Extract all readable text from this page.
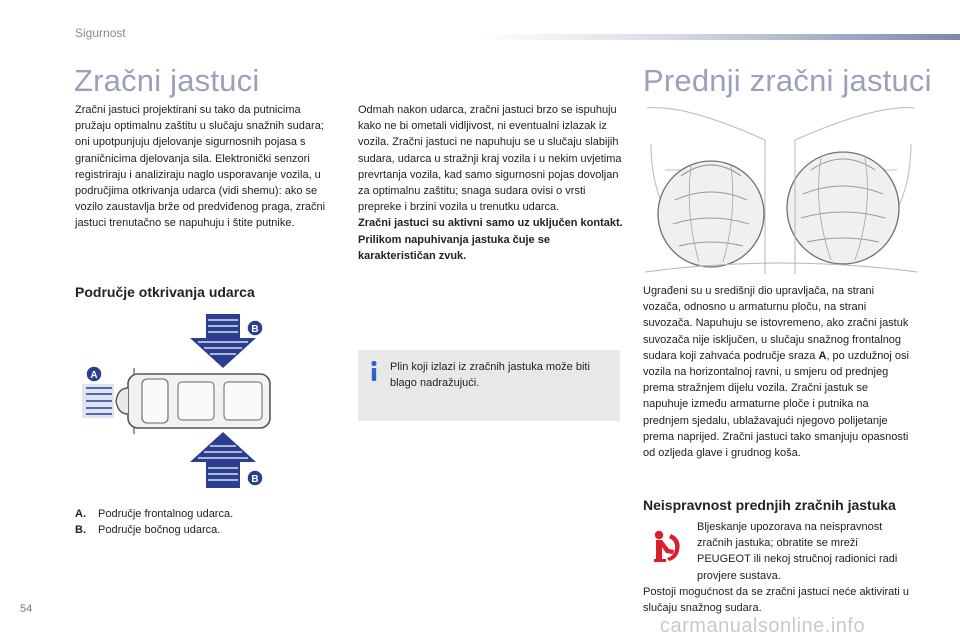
Sigurnost
Zračni jastuci

Zračni jastuci projektirani su tako da putnicima pružaju optimalnu zaštitu u slučaju snažnih sudara; oni upotpunjuju djelovanje sigurnosnih pojasa s graničnicima djelovanja sila. Elektronički senzori registriraju i analiziraju naglo usporavanje vozila, u područjima otkrivanja udarca (vidi shemu): ako se vozilo zaustavlja brže od predviđenog praga, zračni jastuci trenutačno se napuhuju i štite putnike.

Područje otkrivanja udarca
A
B
B
A. Područje frontalnog udarca.
B. Područje bočnog udarca.
Odmah nakon udarca, zračni jastuci brzo se ispuhuju kako ne bi ometali vidljivost, ni eventualni izlazak iz vozila. Zračni jastuci ne napuhuju se u slučaju slabijih sudara, udarca u stražnji kraj vozila i u nekim uvjetima prevrtanja vozila, kad samo sigurnosni pojas dovoljan za optimalnu zaštitu; snaga sudara ovisi o vrsti prepreke i brzini vozila u trenutku udarca.
Zračni jastuci su aktivni samo uz uključen kontakt. Prilikom napuhivanja jastuka čuje se karakterističan zvuk.
Plin koji izlazi iz zračnih jastuka može biti blago nadražujući.
Prednji zračni jastuci
Ugrađeni su u središnji dio upravljača, na strani vozača, odnosno u armaturnu ploču, na strani suvozača. Napuhuju se istovremeno, ako zračni jastuk suvozača nije isključen, u slučaju snažnog frontalnog sudara koji zahvaća područje sraza A, po uzdužnoj osi vozila na horizontalnoj ravni, u smjeru od prednjeg prema stražnjem dijelu vozila. Zračni jastuk se napuhuje između armaturne ploče i putnika na prednjem sjedalu, ublažavajući njegovo polijetanje prema naprijed. Zračni jastuci tako smanjuju opasnosti od ozljeda glave i grudnog koša.
Neispravnost prednjih zračnih jastuka
Bljeskanje upozorava na neispravnost zračnih jastuka; obratite se mreži PEUGEOT ili nekoj stručnoj radionici radi provjere sustava.
Postoji mogućnost da se zračni jastuci neće aktivirati u slučaju snažnog sudara.
54
carmanualsonline.info
